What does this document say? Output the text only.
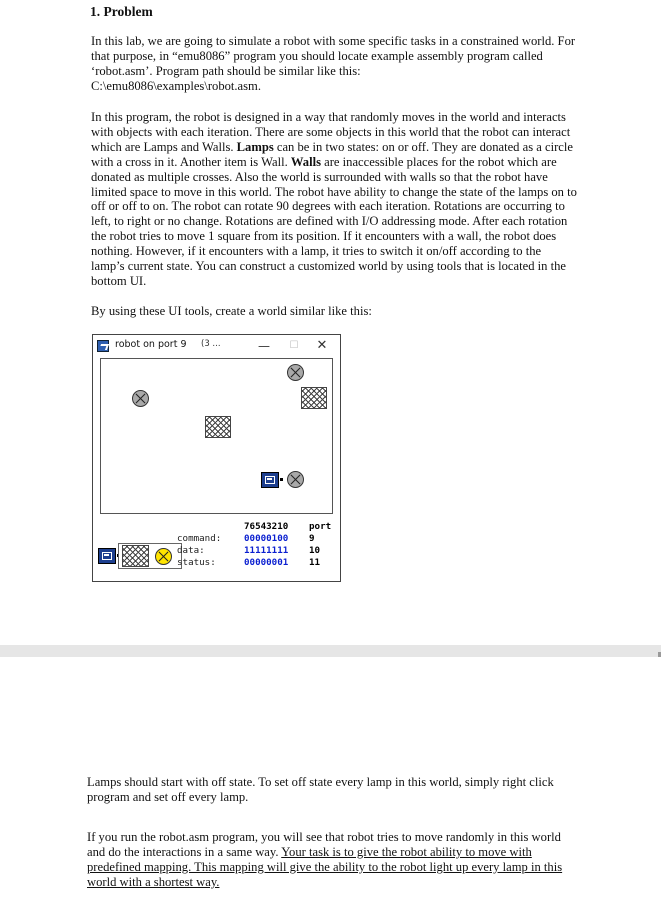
1. Problem

In this lab, we are going to simulate a robot with some specific tasks in a constrained world. For that purpose, in “emu8086” program you should locate example assembly program called ‘robot.asm’. Program path should be similar like this:
C:\emu8086\examples\robot.asm.

In this program, the robot is designed in a way that randomly moves in the world and interacts with objects with each iteration. There are some objects in this world that the robot can interact which are Lamps and Walls. Lamps can be in two states: on or off. They are donated as a circle with a cross in it. Another item is Wall. Walls are inaccessible places for the robot which are donated as multiple crosses. Also the world is surrounded with walls so that the robot have limited space to move in this world. The robot have ability to change the state of the lamps on to off or off to on. The robot can rotate 90 degrees with each iteration. Rotations are occurring to left, to right or no change. Rotations are defined with I/O addressing mode. After each rotation the robot tries to move 1 square from its position. If it encounters with a wall, the robot does nothing. However, if it encounters with a lamp, it tries to switch it on/off according to the lamp’s current state. You can construct a customized world by using tools that is located in the bottom UI.

By using these UI tools, create a world similar like this:

robot on port 9 (3 ...	—	☐	✕
76543210 port
command: 00000100 9
data:	11111111 10
status:	00000001 11

Lamps should start with off state. To set off state every lamp in this world, simply right click program and set off every lamp.

If you run the robot.asm program, you will see that robot tries to move randomly in this world and do the interactions in a same way. Your task is to give the robot ability to move with predefined mapping. This mapping will give the ability to the robot light up every lamp in this world with a shortest way.
